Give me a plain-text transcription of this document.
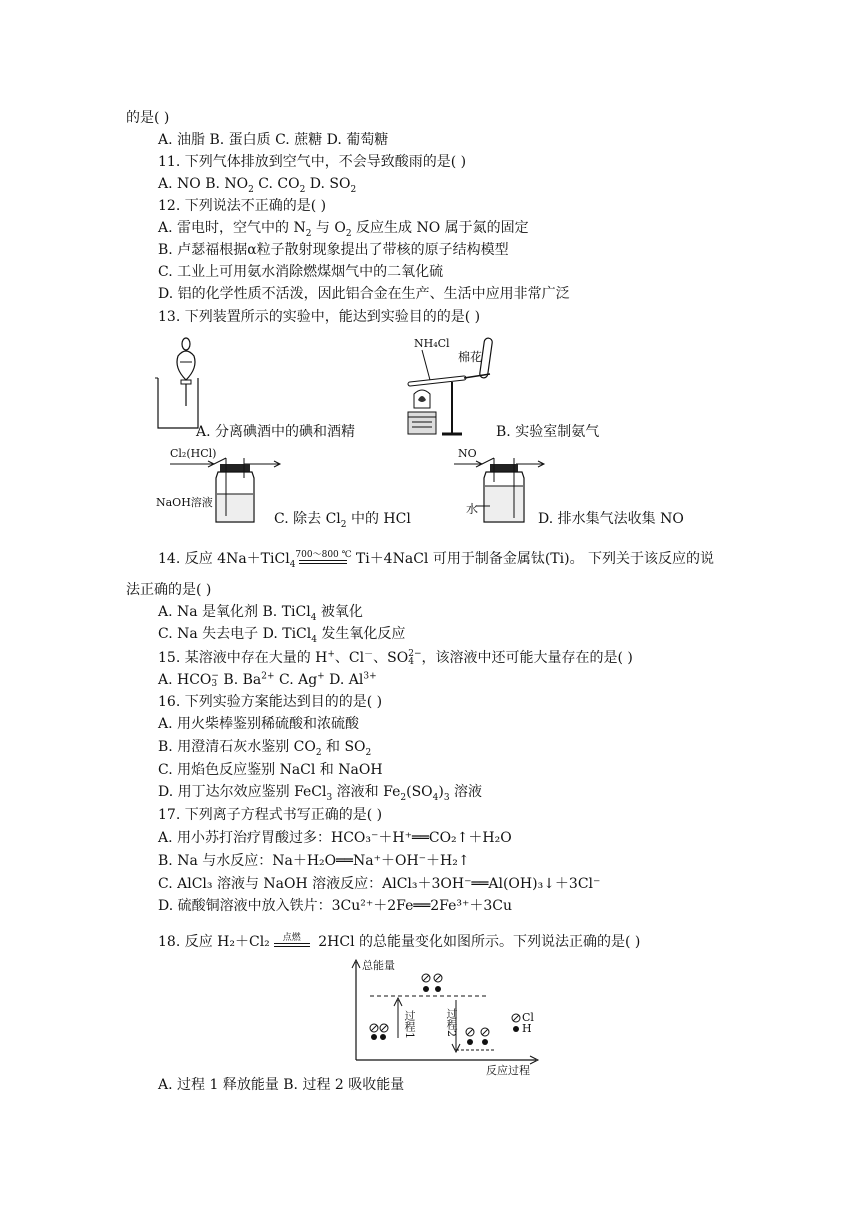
的是( )
A. 油脂 B. 蛋白质 C. 蔗糖 D. 葡萄糖
11. 下列气体排放到空气中，不会导致酸雨的是( )
A. NO B. $NO_2$ C. $CO_2$ D. $SO_2$
12. 下列说法不正确的是( )
A. 雷电时，空气中的 $N_2$ 与 $O_2$ 反应生成 NO 属于氮的固定
B. 卢瑟福根据α粒子散射现象提出了带核的原子结构模型
C. 工业上可用氨水消除燃煤烟气中的二氧化硫
D. 铝的化学性质不活泼，因此铝合金在生产、生活中应用非常广泛
13. 下列装置所示的实验中，能达到实验目的的是( )
A. 分离碘酒中的碘和酒精
NH₄Cl
棉花
B. 实验室制氨气
Cl₂(HCl)
NaOH溶液
C. 除去 $Cl_2$ 中的 HCl
NO
水
D. 排水集气法收集 NO
14. 反应 4Na＋TiCl$_4$
700～800 ℃ Ti＋4NaCl 可用于制备金属钛(Ti)。 下列关于该反应的说
法正确的是( )
A. Na 是氧化剂 B. TiCl$_4$ 被氧化
C. Na 失去电子 D. TiCl$_4$ 发生氧化反应
15. 某溶液中存在大量的 H+、Cl－、SO 2−
4 ，该溶液中还可能大量存在的是( )
A. HCO −
3 B. $Ba^{2+}$ C. Ag+ D. $Al^{3+}$
16. 下列实验方案能达到目的的是( )
A. 用火柴棒鉴别稀硫酸和浓硫酸
B. 用澄清石灰水鉴别 $CO_2$ 和 $SO_2$
C. 用焰色反应鉴别 NaCl 和 NaOH
D. 用丁达尔效应鉴别 FeCl$_3$ 溶液和 $Fe_2(SO_4)_3$ 溶液
17. 下列离子方程式书写正确的是( )
A. 用小苏打治疗胃酸过多：HCO₃⁻＋H⁺══CO₂↑＋H₂O
B. Na 与水反应：Na＋H₂O══Na⁺＋OH⁻＋H₂↑
C. AlCl₃ 溶液与 NaOH 溶液反应：AlCl₃＋3OH⁻══Al(OH)₃↓＋3Cl⁻
D. 硫酸铜溶液中放入铁片：3Cu²⁺＋2Fe══2Fe³⁺＋3Cu
18. 反应 H₂＋Cl₂	点燃 2HCl 的总能量变化如图所示。下列说法正确的是( )
总能量
反应过程
过程1	过程2	Cl
H
A. 过程 1 释放能量 B. 过程 2 吸收能量
